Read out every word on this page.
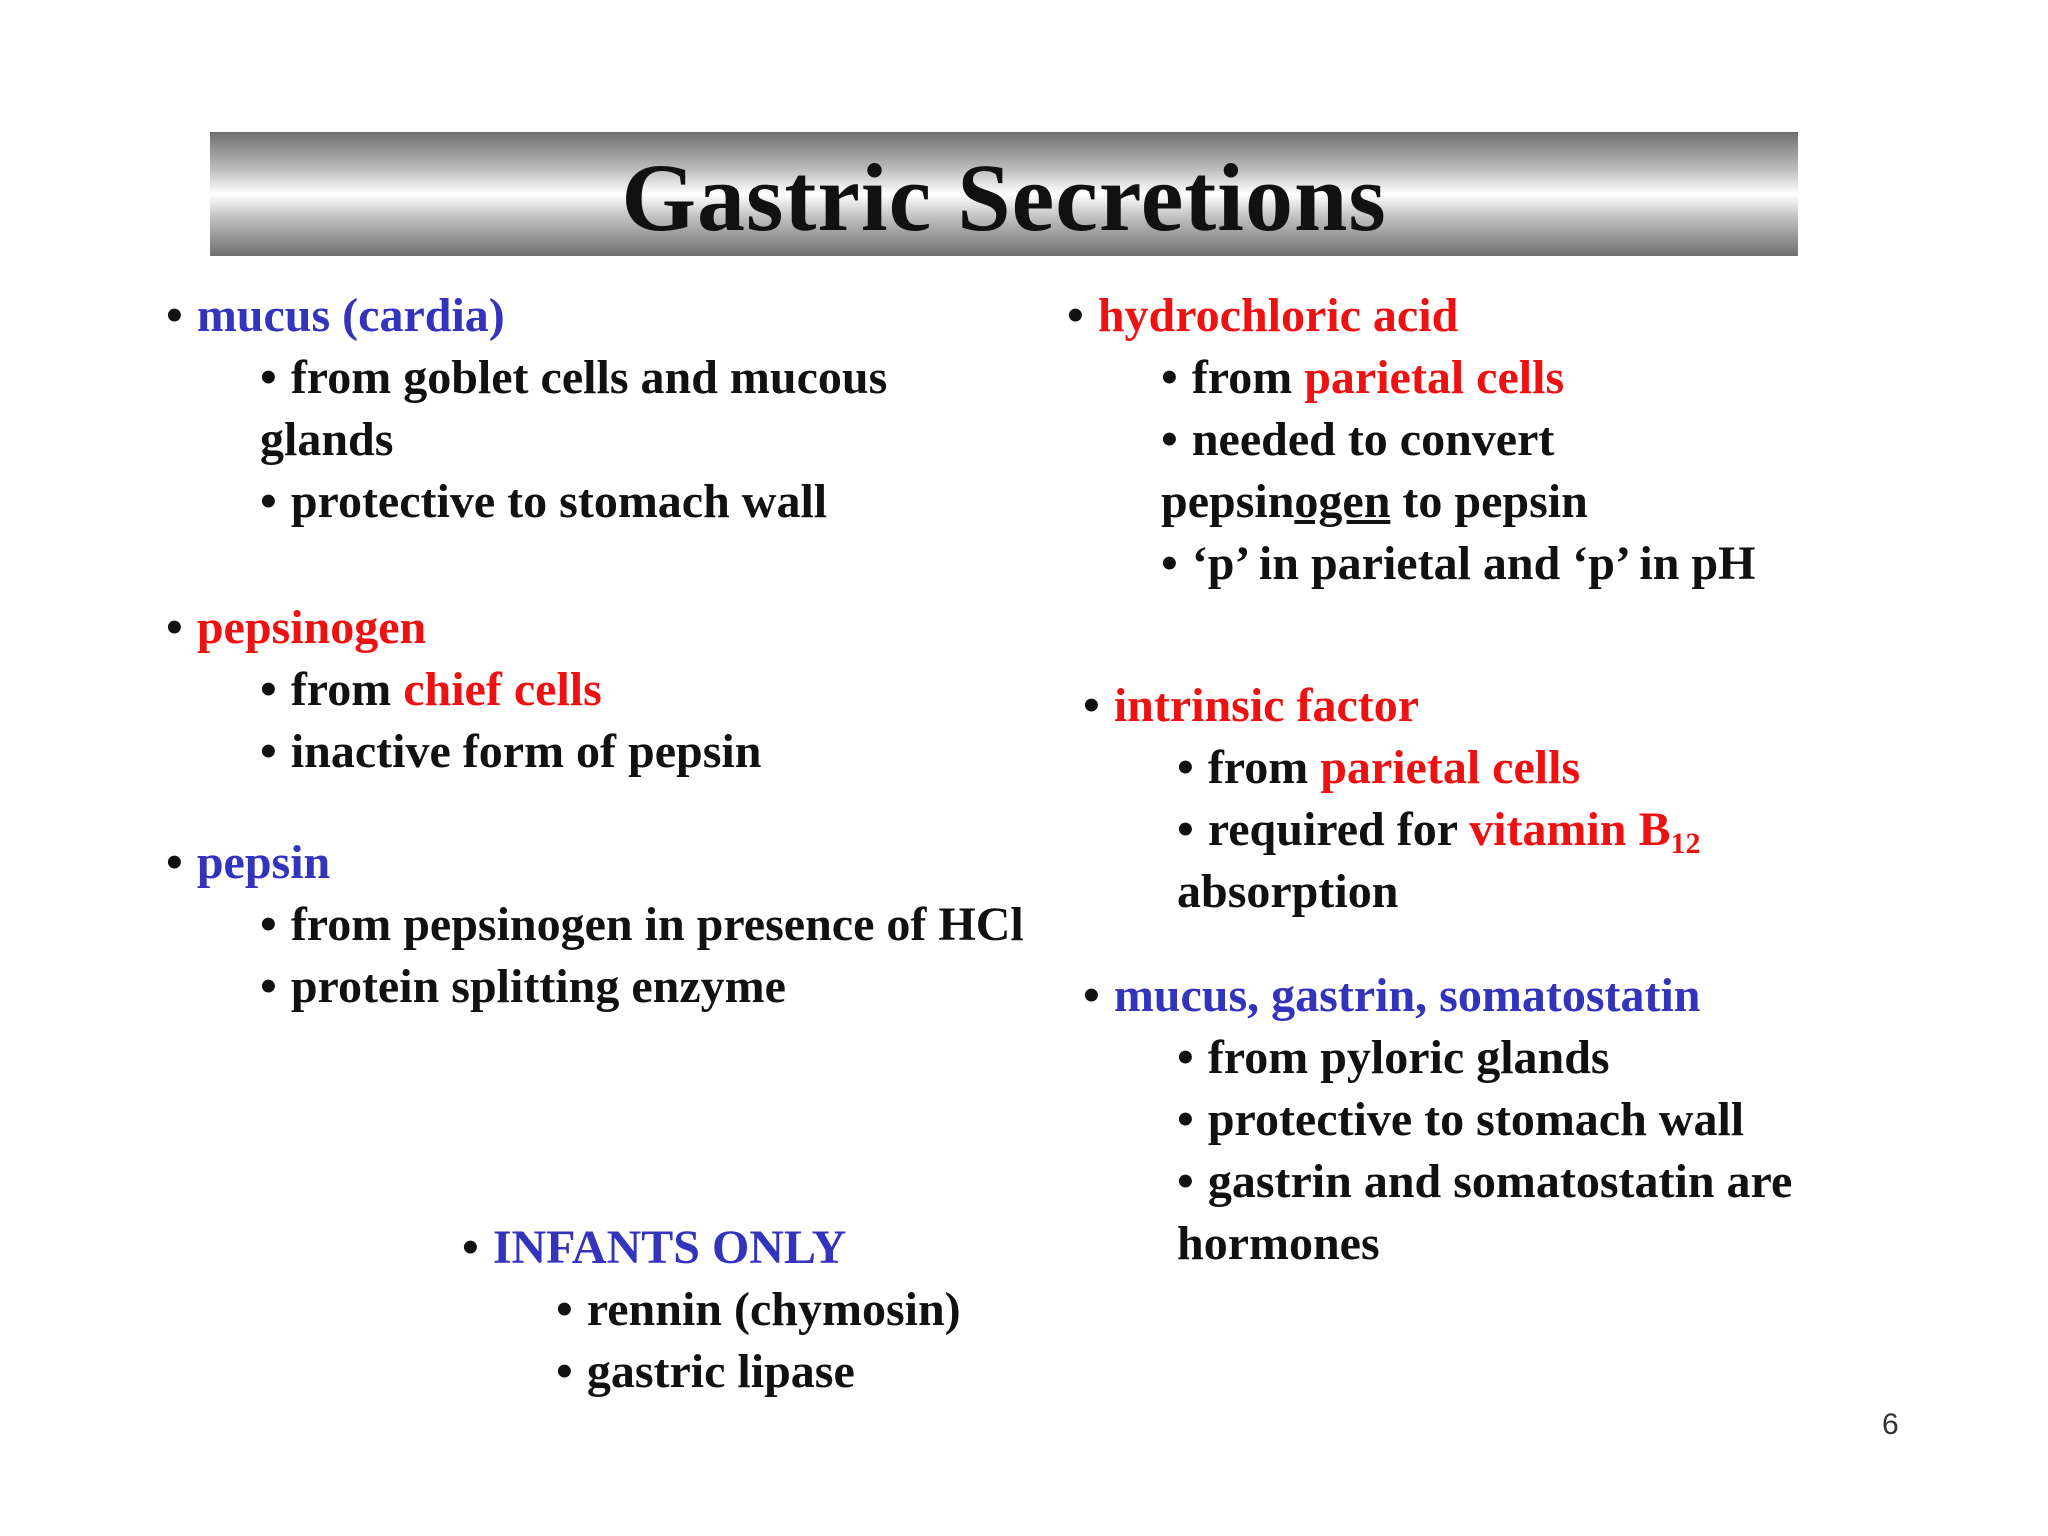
Gastric Secretions
• mucus (cardia)
• from goblet cells and mucous glands
• protective to stomach wall
• pepsinogen
• from chief cells
• inactive form of pepsin
• pepsin
• from pepsinogen in presence of HCl
• protein splitting enzyme
• INFANTS ONLY
• rennin (chymosin)
• gastric lipase
• hydrochloric acid
• from parietal cells
• needed to convert pepsinogen to pepsin
• ‘p’ in parietal and ‘p’ in pH
• intrinsic factor
• from parietal cells
• required for vitamin $B_{12}$ absorption
• mucus, gastrin, somatostatin
• from pyloric glands
• protective to stomach wall
• gastrin and somatostatin are hormones
6
